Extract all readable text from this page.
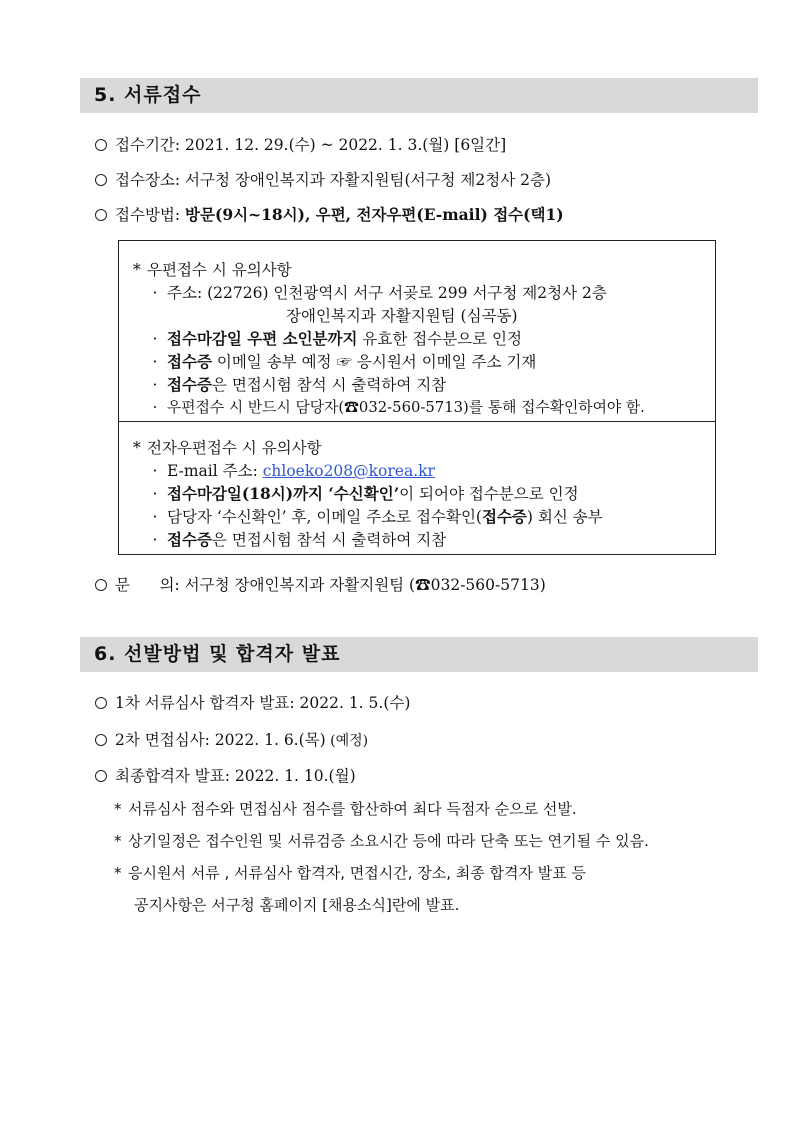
5. 서류접수
접수기간: 2021. 12. 29.(수) ~ 2022. 1. 3.(월) [6일간]
접수장소: 서구청 장애인복지과 자활지원팀(서구청 제2청사 2층)
접수방법: 방문(9시~18시), 우편, 전자우편(E-mail) 접수(택1)
* 우편접수 시 유의사항
· 주소: (22726) 인천광역시 서구 서곶로 299 서구청 제2청사 2층
장애인복지과 자활지원팀 (심곡동)
· 접수마감일 우편 소인분까지 유효한 접수분으로 인정
· 접수증 이메일 송부 예정 ☞ 응시원서 이메일 주소 기재
· 접수증은 면접시험 참석 시 출력하여 지참
· 우편접수 시 반드시 담당자(☎032-560-5713)를 통해 접수확인하여야 함.
* 전자우편접수 시 유의사항
· E-mail 주소: chloeko208@korea.kr
· 접수마감일(18시)까지 ‘수신확인’이 되어야 접수분으로 인정
· 담당자 ‘수신확인’ 후, 이메일 주소로 접수확인(접수증) 회신 송부
· 접수증은 면접시험 참석 시 출력하여 지참
문      의: 서구청 장애인복지과 자활지원팀 (☎032-560-5713)
6. 선발방법 및 합격자 발표
1차 서류심사 합격자 발표: 2022. 1. 5.(수)
2차 면접심사: 2022. 1. 6.(목) (예정)
최종합격자 발표: 2022. 1. 10.(월)
* 서류심사 점수와 면접심사 점수를 합산하여 최다 득점자 순으로 선발.
* 상기일정은 접수인원 및 서류검증 소요시간 등에 따라 단축 또는 연기될 수 있음.
* 응시원서 서류 , 서류심사 합격자, 면접시간, 장소, 최종 합격자 발표 등
공지사항은 서구청 홈페이지 [채용소식]란에 발표.
